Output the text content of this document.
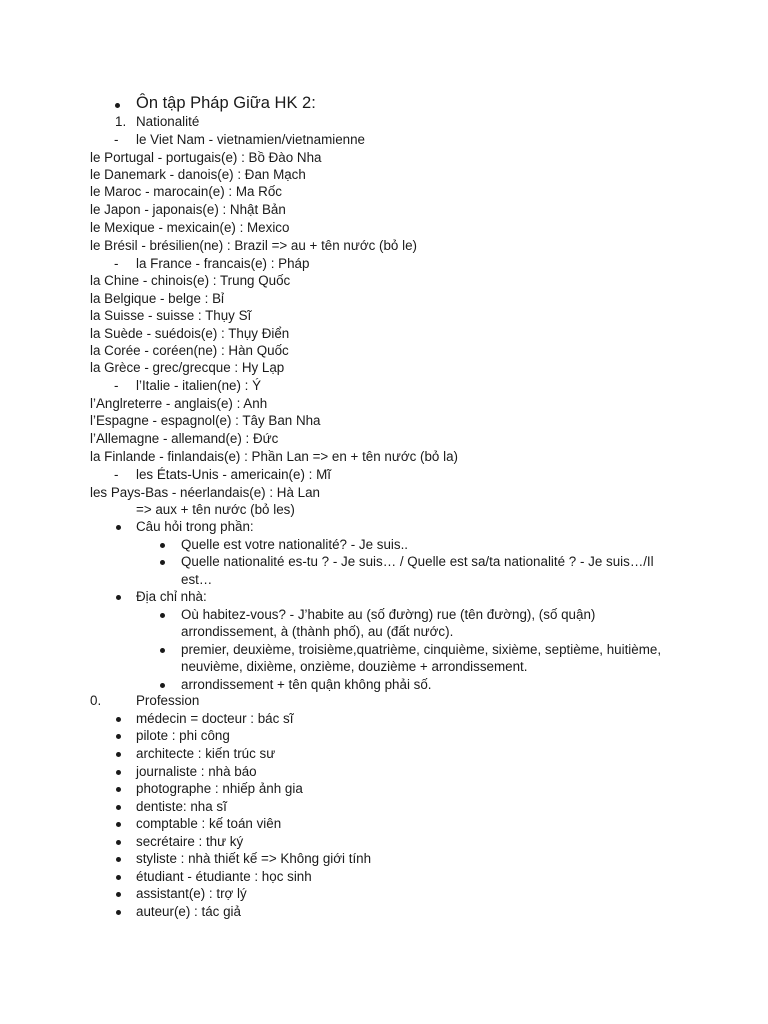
Ôn tập Pháp Giữa HK 2:
1. Nationalité
- le Viet Nam - vietnamien/vietnamienne
le Portugal - portugais(e) : Bồ Đào Nha
le Danemark - danois(e) : Đan Mạch
le Maroc - marocain(e) : Ma Rốc
le Japon - japonais(e) : Nhật Bản
le Mexique - mexicain(e) : Mexico
le Brésil - brésilien(ne) : Brazil => au + tên nước (bỏ le)
- la France - francais(e) : Pháp
la Chine - chinois(e) : Trung Quốc
la Belgique - belge : Bỉ
la Suisse - suisse : Thụy Sĩ
la Suède - suédois(e) : Thụy Điển
la Corée - coréen(ne) : Hàn Quốc
la Grèce - grec/grecque : Hy Lạp
- l’Italie - italien(ne) : Ý
l’Anglreterre - anglais(e) : Anh
l’Espagne - espagnol(e) : Tây Ban Nha
l’Allemagne - allemand(e) : Đức
la Finlande - finlandais(e) : Phần Lan => en + tên nước (bỏ la)
- les États-Unis - americain(e) : Mĩ
les Pays-Bas - néerlandais(e) : Hà Lan
=> aux + tên nước (bỏ les)
Câu hỏi trong phần:
Quelle est votre nationalité? - Je suis..
Quelle nationalité es-tu ? - Je suis… / Quelle est sa/ta nationalité ? - Je suis…/Il
est…
Địa chỉ nhà:
Où habitez-vous? - J’habite au (số đường) rue (tên đường), (số quận)
arrondissement, à (thành phố), au (đất nước).
premier, deuxième, troisième,quatrième, cinquième, sixième, septième, huitième,
neuvième, dixième, onzième, douzième + arrondissement.
arrondissement + tên quận không phải số.
0.	Profession
médecin = docteur : bác sĩ
pilote : phi công
architecte : kiến trúc sư
journaliste : nhà báo
photographe : nhiếp ảnh gia
dentiste: nha sĩ
comptable : kế toán viên
secrétaire : thư ký
styliste : nhà thiết kế => Không giới tính
étudiant - étudiante : học sinh
assistant(e) : trợ lý
auteur(e) : tác giả
